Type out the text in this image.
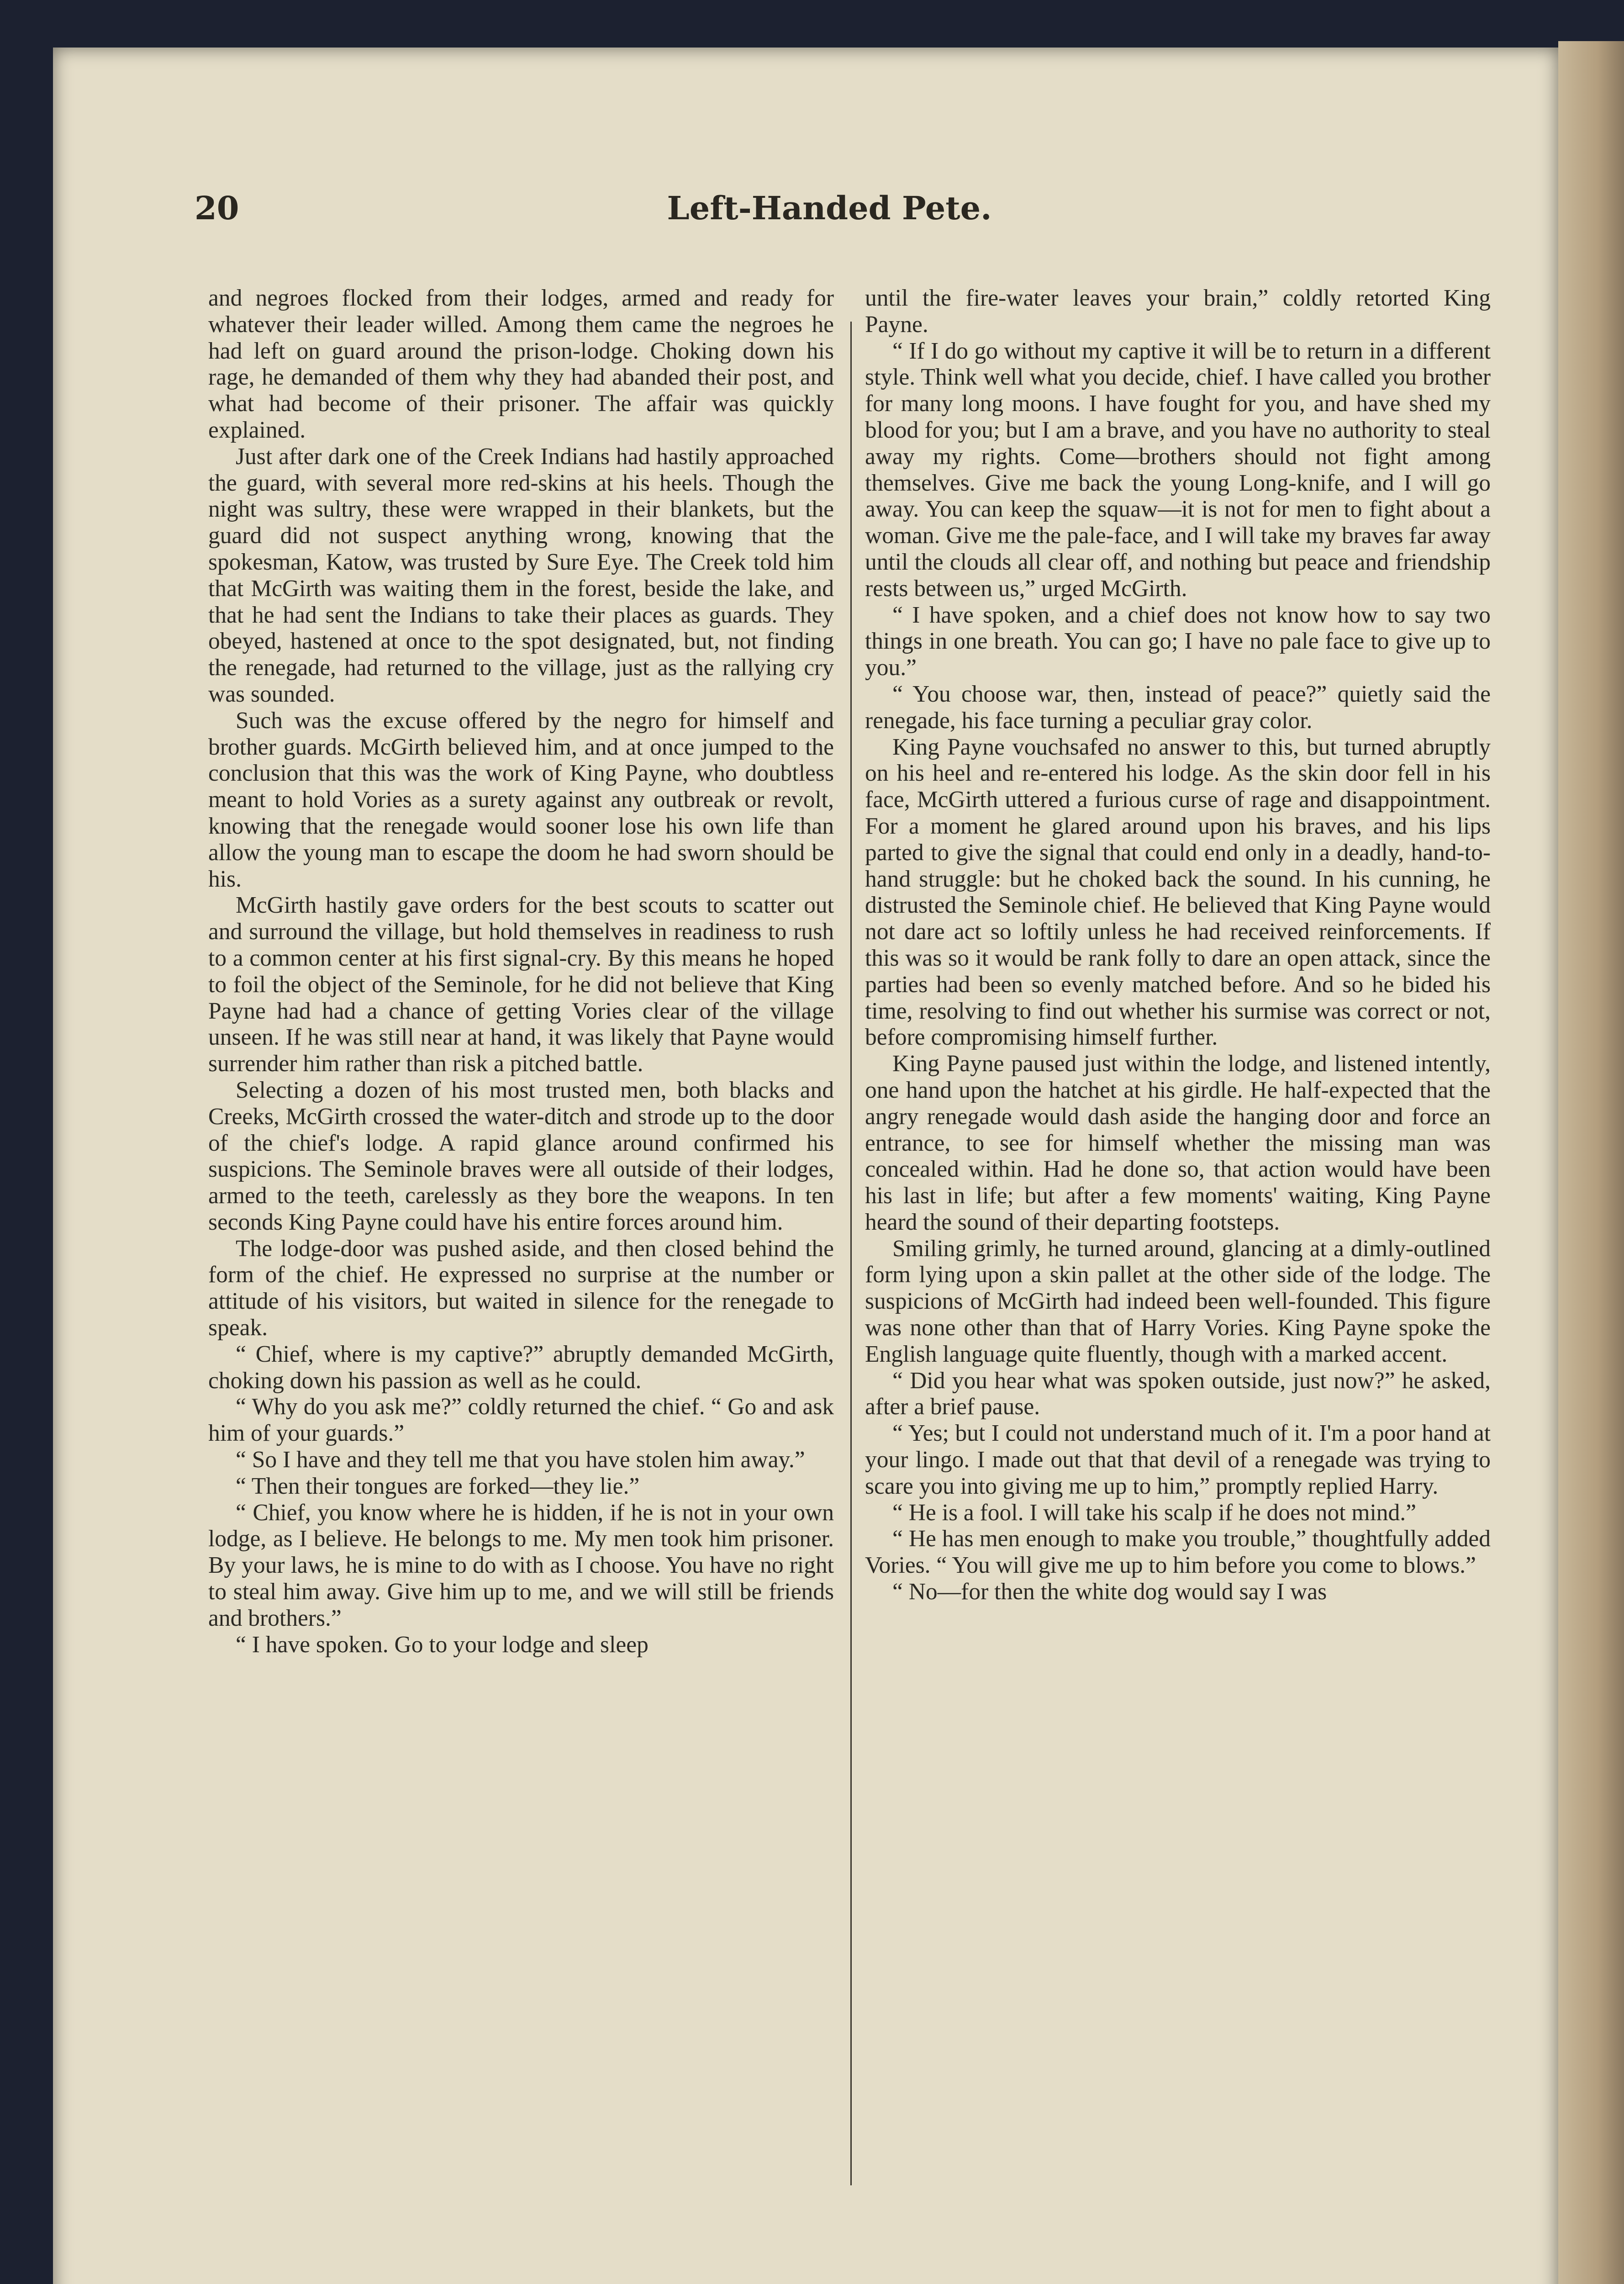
20	Left-Handed Pete.

and negroes flocked from their lodges, armed and ready for whatever their leader willed. Among them came the negroes he had left on guard around the prison-lodge. Choking down his rage, he demanded of them why they had abanded their post, and what had become of their prisoner. The affair was quickly explained.

Just after dark one of the Creek Indians had hastily approached the guard, with several more red-skins at his heels. Though the night was sultry, these were wrapped in their blankets, but the guard did not suspect anything wrong, knowing that the spokesman, Katow, was trusted by Sure Eye. The Creek told him that McGirth was waiting them in the forest, beside the lake, and that he had sent the Indians to take their places as guards. They obeyed, hastened at once to the spot designated, but, not finding the renegade, had returned to the village, just as the rallying cry was sounded.

Such was the excuse offered by the negro for himself and brother guards. McGirth believed him, and at once jumped to the conclusion that this was the work of King Payne, who doubtless meant to hold Vories as a surety against any outbreak or revolt, knowing that the renegade would sooner lose his own life than allow the young man to escape the doom he had sworn should be his.

McGirth hastily gave orders for the best scouts to scatter out and surround the village, but hold themselves in readiness to rush to a common center at his first signal-cry. By this means he hoped to foil the object of the Seminole, for he did not believe that King Payne had had a chance of getting Vories clear of the village unseen. If he was still near at hand, it was likely that Payne would surrender him rather than risk a pitched battle.

Selecting a dozen of his most trusted men, both blacks and Creeks, McGirth crossed the water-ditch and strode up to the door of the chief's lodge. A rapid glance around confirmed his suspicions. The Seminole braves were all outside of their lodges, armed to the teeth, carelessly as they bore the weapons. In ten seconds King Payne could have his entire forces around him.

The lodge-door was pushed aside, and then closed behind the form of the chief. He expressed no surprise at the number or attitude of his visitors, but waited in silence for the renegade to speak.

“ Chief, where is my captive?” abruptly demanded McGirth, choking down his passion as well as he could.

“ Why do you ask me?” coldly returned the chief. “ Go and ask him of your guards.”

“ So I have and they tell me that you have stolen him away.”

“ Then their tongues are forked—they lie.”

“ Chief, you know where he is hidden, if he is not in your own lodge, as I believe. He belongs to me. My men took him prisoner. By your laws, he is mine to do with as I choose. You have no right to steal him away. Give him up to me, and we will still be friends and brothers.”

“ I have spoken. Go to your lodge and sleep

until the fire-water leaves your brain,” coldly retorted King Payne.

“ If I do go without my captive it will be to return in a different style. Think well what you decide, chief. I have called you brother for many long moons. I have fought for you, and have shed my blood for you; but I am a brave, and you have no authority to steal away my rights. Come—brothers should not fight among themselves. Give me back the young Long-knife, and I will go away. You can keep the squaw—it is not for men to fight about a woman. Give me the pale-face, and I will take my braves far away until the clouds all clear off, and nothing but peace and friendship rests between us,” urged McGirth.

“ I have spoken, and a chief does not know how to say two things in one breath. You can go; I have no pale face to give up to you.”

“ You choose war, then, instead of peace?” quietly said the renegade, his face turning a peculiar gray color.

King Payne vouchsafed no answer to this, but turned abruptly on his heel and re-entered his lodge. As the skin door fell in his face, McGirth uttered a furious curse of rage and disappointment. For a moment he glared around upon his braves, and his lips parted to give the signal that could end only in a deadly, hand-to-hand struggle: but he choked back the sound. In his cunning, he distrusted the Seminole chief. He believed that King Payne would not dare act so loftily unless he had received reinforcements. If this was so it would be rank folly to dare an open attack, since the parties had been so evenly matched before. And so he bided his time, resolving to find out whether his surmise was correct or not, before compromising himself further.

King Payne paused just within the lodge, and listened intently, one hand upon the hatchet at his girdle. He half-expected that the angry renegade would dash aside the hanging door and force an entrance, to see for himself whether the missing man was concealed within. Had he done so, that action would have been his last in life; but after a few moments' waiting, King Payne heard the sound of their departing footsteps.

Smiling grimly, he turned around, glancing at a dimly-outlined form lying upon a skin pallet at the other side of the lodge. The suspicions of McGirth had indeed been well-founded. This figure was none other than that of Harry Vories. King Payne spoke the English language quite fluently, though with a marked accent.

“ Did you hear what was spoken outside, just now?” he asked, after a brief pause.

“ Yes; but I could not understand much of it. I'm a poor hand at your lingo. I made out that that devil of a renegade was trying to scare you into giving me up to him,” promptly replied Harry.

“ He is a fool. I will take his scalp if he does not mind.”

“ He has men enough to make you trouble,” thoughtfully added Vories. “ You will give me up to him before you come to blows.”

“ No—for then the white dog would say I was
